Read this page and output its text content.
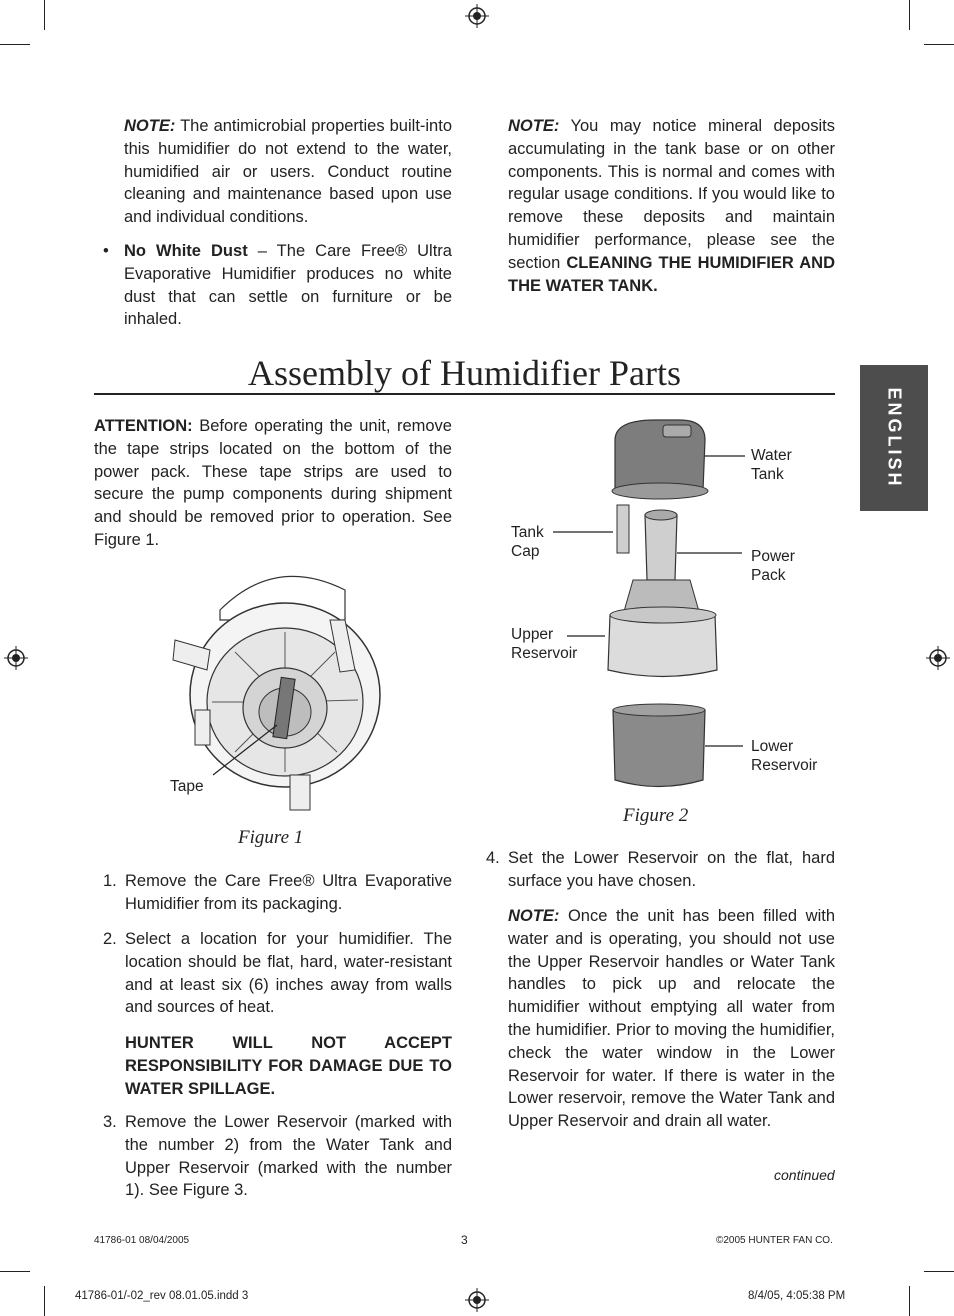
NOTE: The antimicrobial properties built-into this humidifier do not extend to the water, humidified air or users. Conduct routine cleaning and maintenance based upon use and individual conditions.
• No White Dust – The Care Free® Ultra Evaporative Humidifier produces no white dust that can settle on furniture or be inhaled.
NOTE: You may notice mineral deposits accumulating in the tank base or on other components. This is normal and comes with regular usage conditions. If you would like to remove these deposits and maintain humidifier performance, please see the section CLEANING THE HUMIDIFIER AND THE WATER TANK.
Assembly of Humidifier Parts
ENGLISH
ATTENTION: Before operating the unit, remove the tape strips located on the bottom of the power pack. These tape strips are used to secure the pump components during shipment and should be removed prior to operation. See Figure 1.
Tape
Figure 1
Water Tank
Tank Cap	Power Pack
Upper Reservoir
Lower Reservoir
Figure 2
1. Remove the Care Free® Ultra Evaporative Humidifier from its packaging.
2. Select a location for your humidifier. The location should be flat, hard, water-resistant and at least six (6) inches away from walls and sources of heat.
HUNTER WILL NOT ACCEPT RESPONSIBILITY FOR DAMAGE DUE TO WATER SPILLAGE.
3. Remove the Lower Reservoir (marked with the number 2) from the Water Tank and Upper Reservoir (marked with the number 1). See Figure 3.
4. Set the Lower Reservoir on the flat, hard surface you have chosen.
NOTE: Once the unit has been filled with water and is operating, you should not use the Upper Reservoir handles or Water Tank handles to pick up and relocate the humidifier without emptying all water from the humidifier. Prior to moving the humidifier, check the water window in the Lower Reservoir for water. If there is water in the Lower reservoir, remove the Water Tank and Upper Reservoir and drain all water.
continued
41786-01 08/04/2005	3	©2005 HUNTER FAN CO.
41786-01/-02_rev 08.01.05.indd 3	8/4/05, 4:05:38 PM
